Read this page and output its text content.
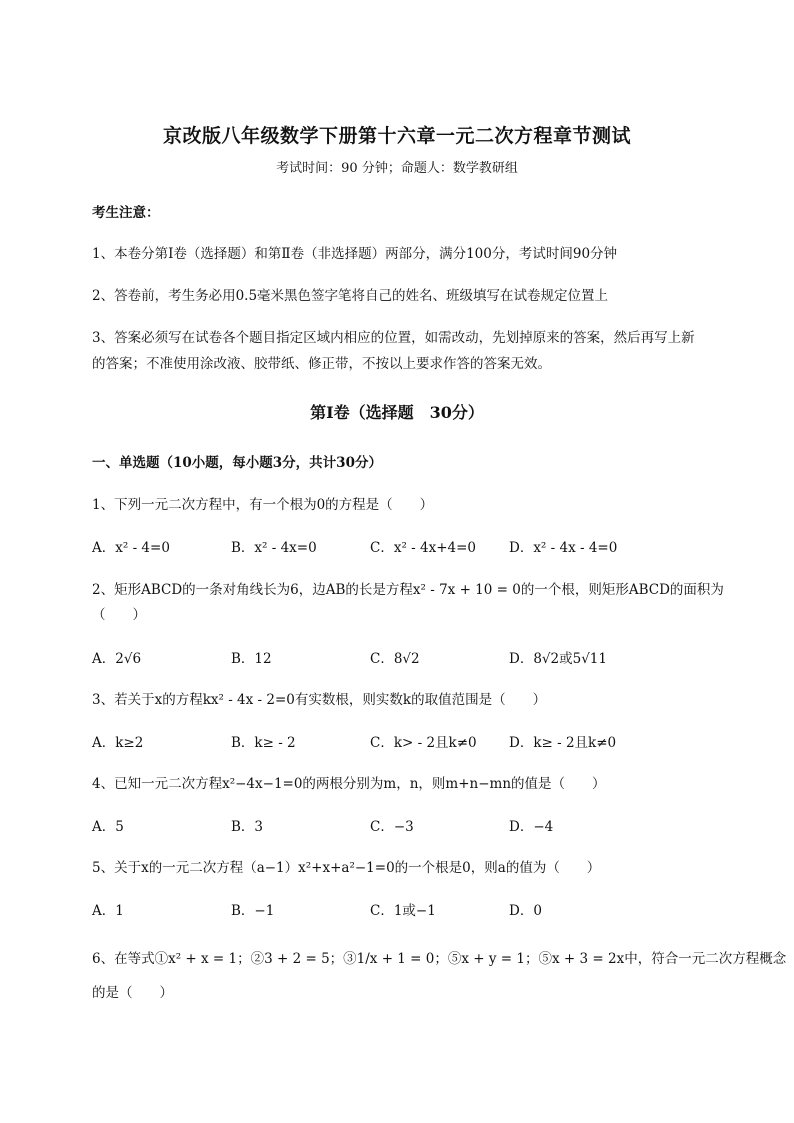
京改版八年级数学下册第十六章一元二次方程章节测试
考试时间：90 分钟；命题人：数学教研组
考生注意：
1、本卷分第I卷（选择题）和第Ⅱ卷（非选择题）两部分，满分100分，考试时间90分钟
2、答卷前，考生务必用0.5毫米黑色签字笔将自己的姓名、班级填写在试卷规定位置上
3、答案必须写在试卷各个题目指定区域内相应的位置，如需改动，先划掉原来的答案，然后再写上新
的答案；不准使用涂改液、胶带纸、修正带，不按以上要求作答的答案无效。
第I卷（选择题　30分）
一、单选题（10小题，每小题3分，共计30分）
1、下列一元二次方程中，有一个根为0的方程是（　　）
A．x² - 4=0	B．x² - 4x=0	C．x² - 4x+4=0 D．x² - 4x - 4=0
2、矩形ABCD的一条对角线长为6，边AB的长是方程x² - 7x + 10 = 0的一个根，则矩形ABCD的面积为
（　　）
A．2√6	B．12	C．8√2	D．8√2或5√11
3、若关于x的方程kx² - 4x - 2=0有实数根，则实数k的取值范围是（　　）
A．k≥2	B．k≥ - 2	C．k> - 2且k≠0 D．k≥ - 2且k≠0
4、已知一元二次方程x²−4x−1=0的两根分别为m，n，则m+n−mn的值是（　　）
A．5	B．3	C．−3	D．−4
5、关于x的一元二次方程（a−1）x²+x+a²−1=0的一个根是0，则a的值为（　　）
A．1	B．−1	C．1或−1	D．0
6、在等式①x² + x = 1；②3 + 2 = 5；③1/x + 1 = 0；⑤x + y = 1；⑤x + 3 = 2x中，符合一元二次方程概念
的是（　　）
